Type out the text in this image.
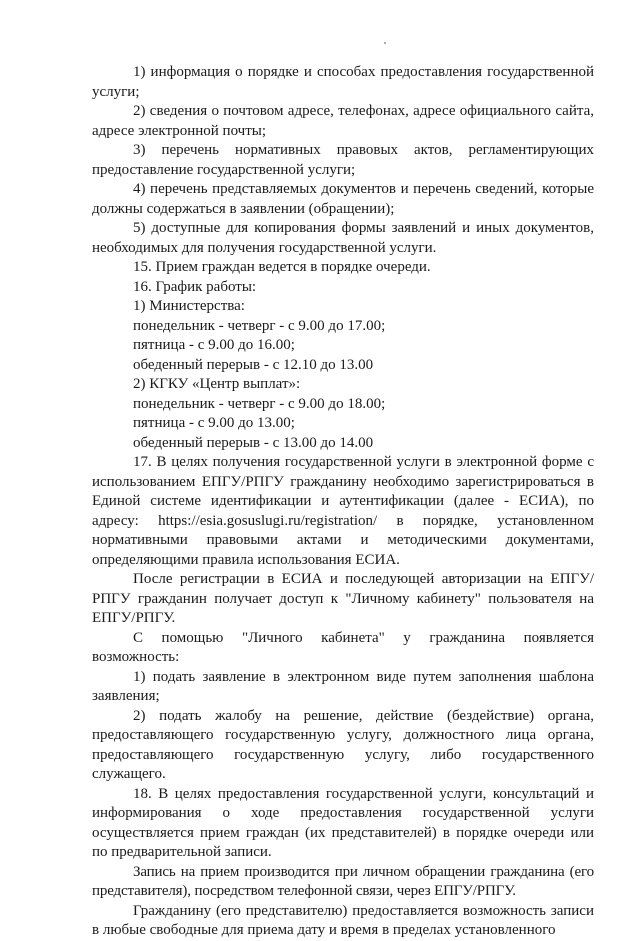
1) информация о порядке и способах предоставления государственной услуги;

2) сведения о почтовом адресе, телефонах, адресе официального сайта, адресе электронной почты;

3) перечень нормативных правовых актов, регламентирующих предоставление государственной услуги;

4) перечень представляемых документов и перечень сведений, которые должны содержаться в заявлении (обращении);

5) доступные для копирования формы заявлений и иных документов, необходимых для получения государственной услуги.

15. Прием граждан ведется в порядке очереди.

16. График работы:

1) Министерства:

понедельник - четверг - с 9.00 до 17.00;

пятница - с 9.00 до 16.00;

обеденный перерыв - с 12.10 до 13.00

2) КГКУ «Центр выплат»:

понедельник - четверг - с 9.00 до 18.00;

пятница - с 9.00 до 13.00;

обеденный перерыв - с 13.00 до 14.00

17. В целях получения государственной услуги в электронной форме с использованием ЕПГУ/РПГУ гражданину необходимо зарегистрироваться в Единой системе идентификации и аутентификации (далее - ЕСИА), по адресу: https://esia.gosuslugi.ru/registration/ в порядке, установленном нормативными правовыми актами и методическими документами, определяющими правила использования ЕСИА.

После регистрации в ЕСИА и последующей авторизации на ЕПГУ/РПГУ гражданин получает доступ к "Личному кабинету" пользователя на ЕПГУ/РПГУ.

С помощью "Личного кабинета" у гражданина появляется возможность:

1) подать заявление в электронном виде путем заполнения шаблона заявления;

2) подать жалобу на решение, действие (бездействие) органа, предоставляющего государственную услугу, должностного лица органа, предоставляющего государственную услугу, либо государственного служащего.

18. В целях предоставления государственной услуги, консультаций и информирования о ходе предоставления государственной услуги осуществляется прием граждан (их представителей) в порядке очереди или по предварительной записи.

Запись на прием производится при личном обращении гражданина (его представителя), посредством телефонной связи, через ЕПГУ/РПГУ.

Гражданину (его представителю) предоставляется возможность записи в любые свободные для приема дату и время в пределах установленного
